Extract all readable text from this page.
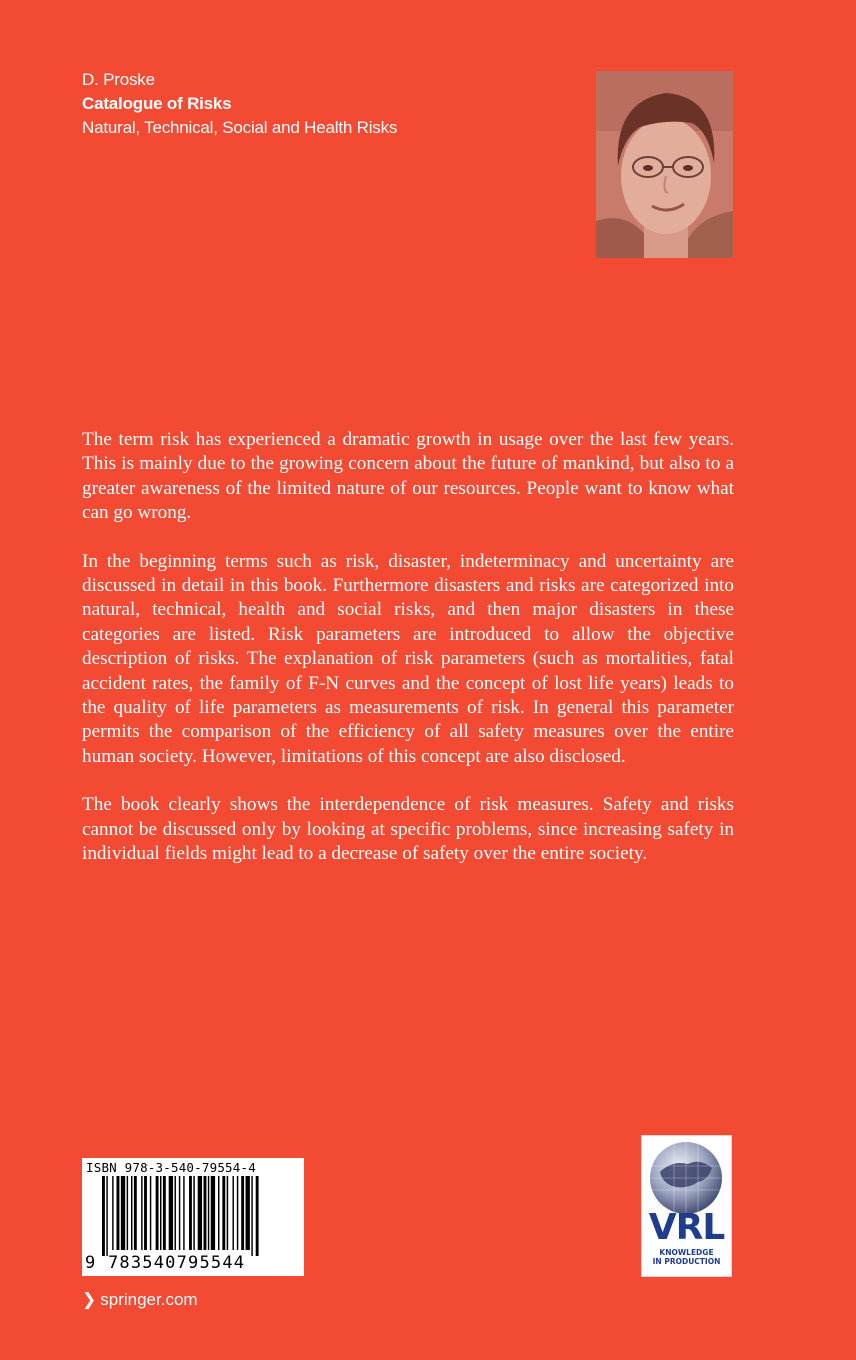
D. Proske
Catalogue of Risks
Natural, Technical, Social and Health Risks

The term risk has experienced a dramatic growth in usage over the last few years. This is mainly due to the growing concern about the future of mankind, but also to a greater awareness of the limited nature of our resources. People want to know what can go wrong.

In the beginning terms such as risk, disaster, indeterminacy and uncertainty are discussed in detail in this book. Furthermore disasters and risks are categorized into natural, technical, health and social risks, and then major disasters in these categories are listed. Risk parameters are introduced to allow the objective description of risks. The explanation of risk parameters (such as mortalities, fatal accident rates, the family of F-N curves and the concept of lost life years) leads to the quality of life parameters as measurements of risk. In general this parameter permits the comparison of the efficiency of all safety measures over the entire human society. However, limitations of this concept are also disclosed.

The book clearly shows the interdependence of risk measures. Safety and risks cannot be discussed only by looking at specific problems, since increasing safety in individual fields might lead to a decrease of safety over the entire society.

ISBN 978-3-540-79554-4
9 783540795544
❯ springer.com
VRL
KNOWLEDGE
IN PRODUCTION
